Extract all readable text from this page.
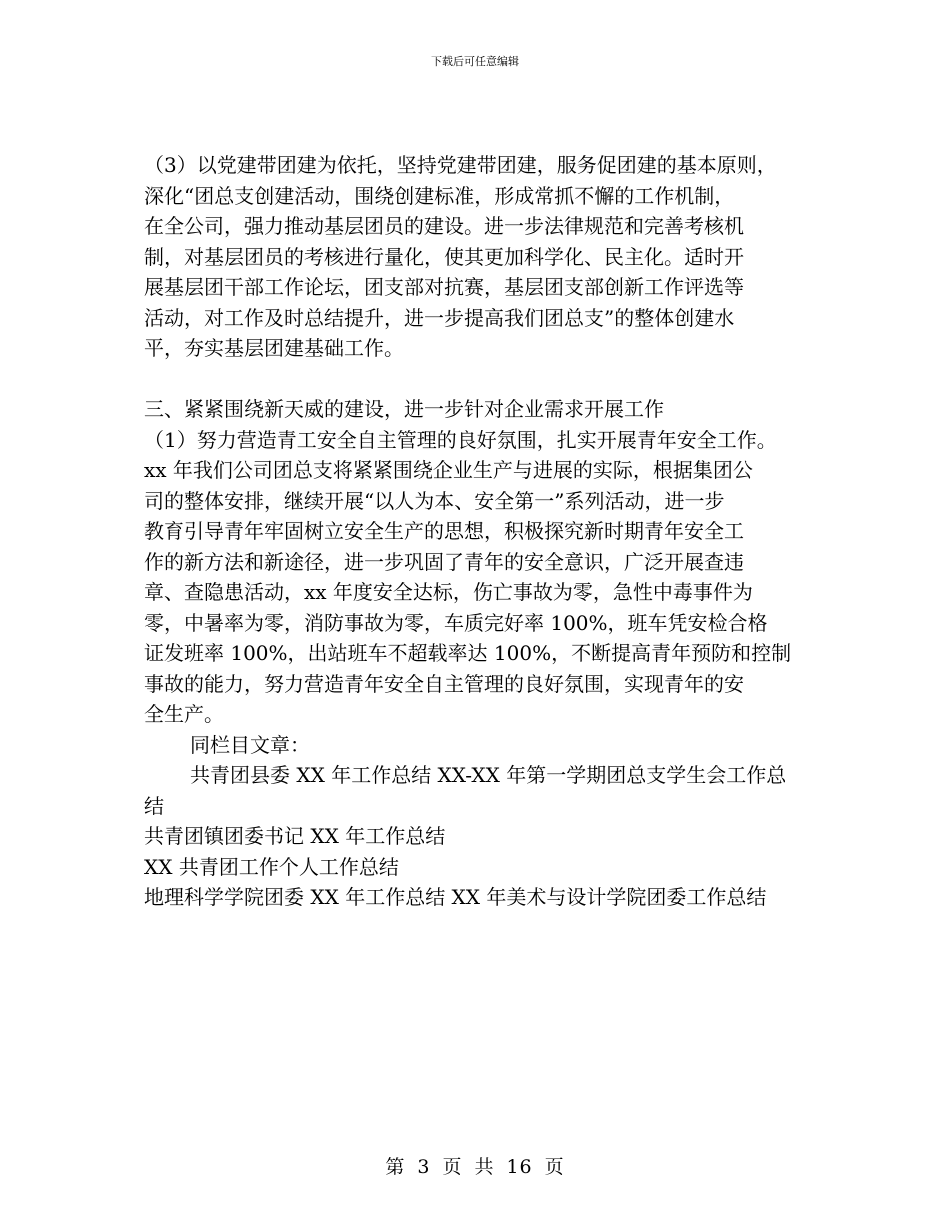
下载后可任意编辑
（3）以党建带团建为依托，坚持党建带团建，服务促团建的基本原则，
深化“团总支创建活动，围绕创建标准，形成常抓不懈的工作机制，
在全公司，强力推动基层团员的建设。进一步法律规范和完善考核机
制，对基层团员的考核进行量化，使其更加科学化、民主化。适时开
展基层团干部工作论坛，团支部对抗赛，基层团支部创新工作评选等
活动，对工作及时总结提升，进一步提高我们团总支”的整体创建水
平，夯实基层团建基础工作。
三、紧紧围绕新天威的建设，进一步针对企业需求开展工作
（1）努力营造青工安全自主管理的良好氛围，扎实开展青年安全工作。
xx 年我们公司团总支将紧紧围绕企业生产与进展的实际，根据集团公
司的整体安排，继续开展“以人为本、安全第一”系列活动，进一步
教育引导青年牢固树立安全生产的思想，积极探究新时期青年安全工
作的新方法和新途径，进一步巩固了青年的安全意识，广泛开展查违
章、查隐患活动，xx 年度安全达标，伤亡事故为零，急性中毒事件为
零，中暑率为零，消防事故为零，车质完好率 100%，班车凭安检合格
证发班率 100%，出站班车不超载率达 100%，不断提高青年预防和控制
事故的能力，努力营造青年安全自主管理的良好氛围，实现青年的安
全生产。
同栏目文章：
共青团县委 XX 年工作总结 XX-XX 年第一学期团总支学生会工作总
结
共青团镇团委书记 XX 年工作总结
XX 共青团工作个人工作总结
地理科学学院团委 XX 年工作总结 XX 年美术与设计学院团委工作总结
第 3 页 共 16 页
